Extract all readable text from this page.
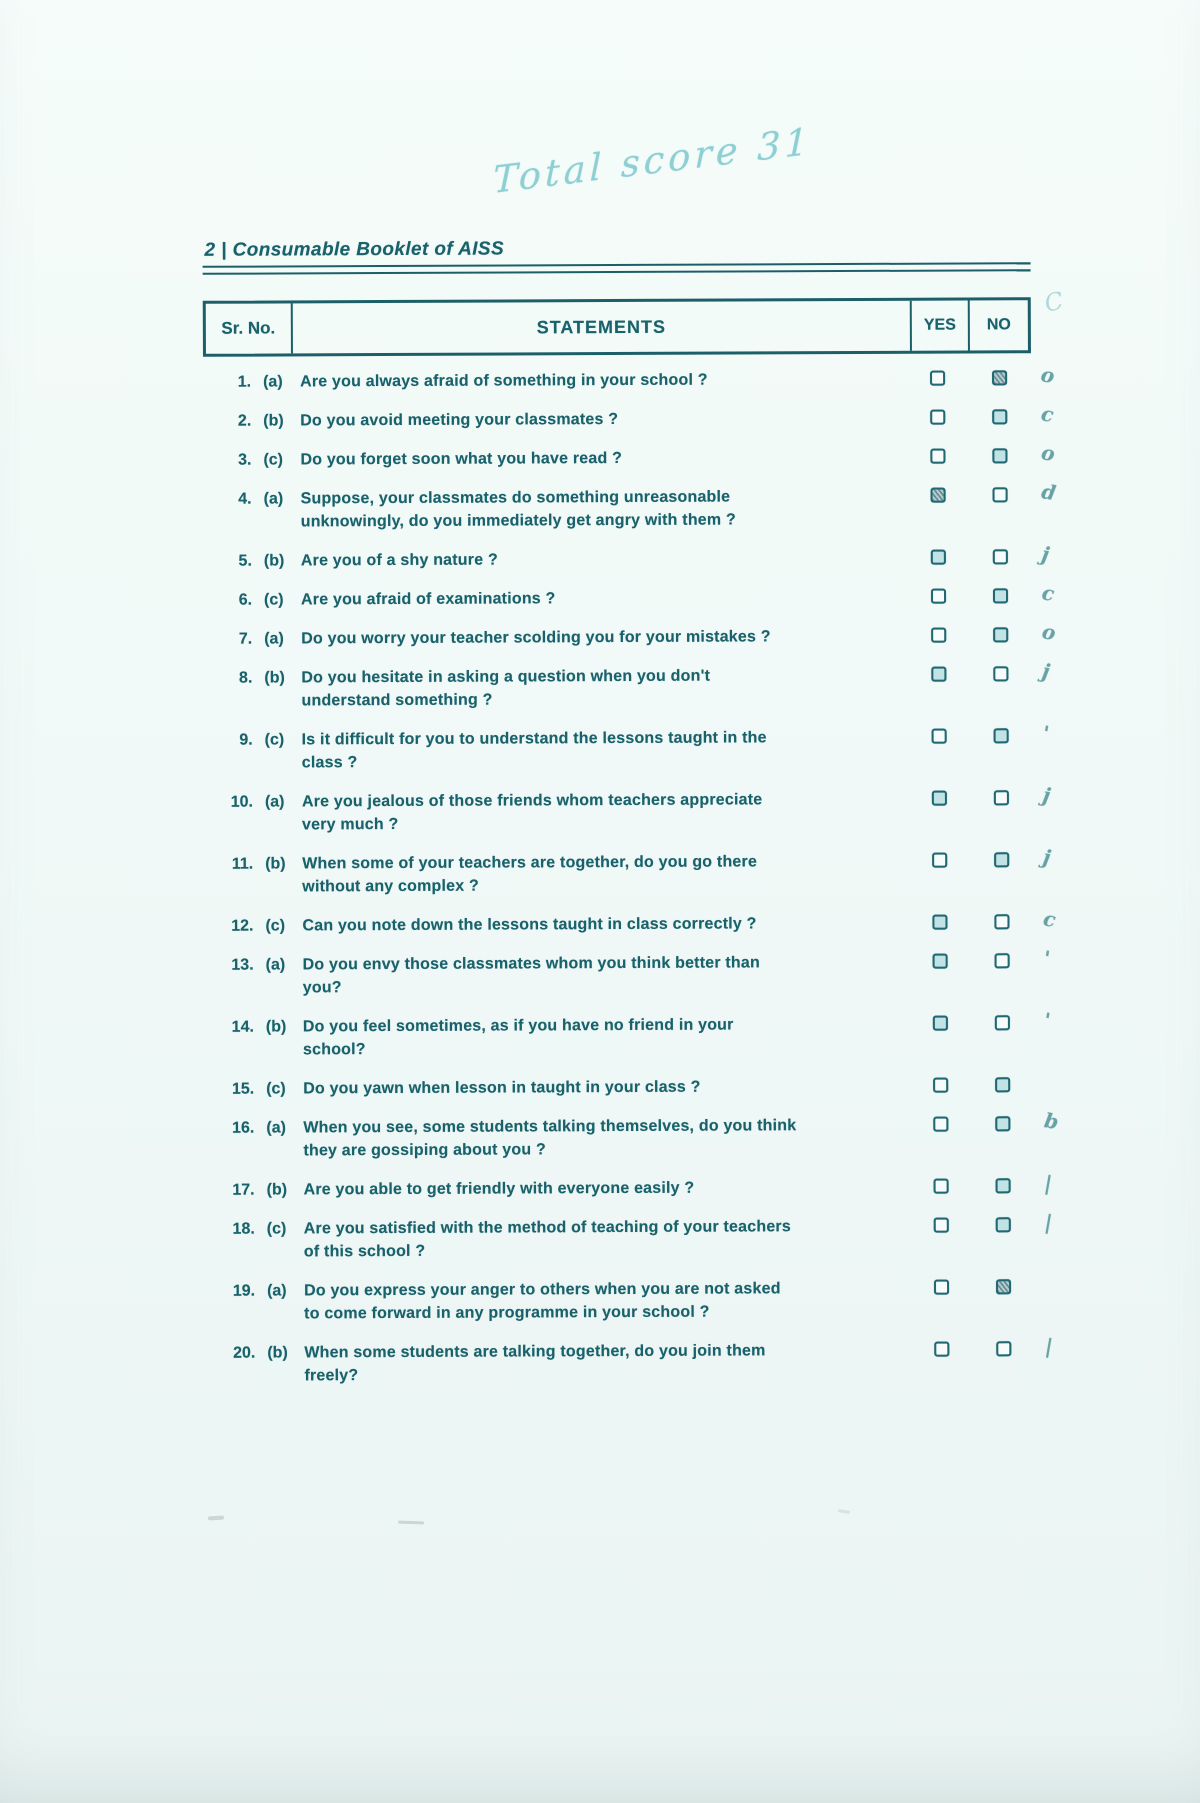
Total score 31
2 | Consumable Booklet of AISS
Sr. No.	STATEMENTS	YES	NO
C
1. (a)	Are you always afraid of something in your school ?	o
2. (b)	Do you avoid meeting your classmates ?	c
3. (c)	Do you forget soon what you have read ?	o
4. (a)	Suppose, your classmates do something unreasonable unknowingly, do you immediately get angry with them ?
d
5. (b)	Are you of a shy nature ?	j
6. (c)	Are you afraid of examinations ?	c
7. (a)	Do you worry your teacher scolding you for your mistakes ?	o
8. (b)	Do you hesitate in asking a question when you don't understand something ?
j
9. (c)	Is it difficult for you to understand the lessons taught in the class ?
'
10. (a)	Are you jealous of those friends whom teachers appreciate very much ?
j
11. (b)	When some of your teachers are together, do you go there without any complex ?
j
12. (c)	Can you note down the lessons taught in class correctly ?	c
13. (a)	Do you envy those classmates whom you think better than you?
'
14. (b)	Do you feel sometimes, as if you have no friend in your school?
'
15. (c)	Do you yawn when lesson in taught in your class ?
16. (a)	When you see, some students talking themselves, do you think they are gossiping about you ?
b
17. (b)	Are you able to get friendly with everyone easily ?	|
18. (c)	Are you satisfied with the method of teaching of your teachers of this school ?
|
19. (a)	Do you express your anger to others when you are not asked to come forward in any programme in your school ?
20. (b)	When some students are talking together, do you join them freely?
|
